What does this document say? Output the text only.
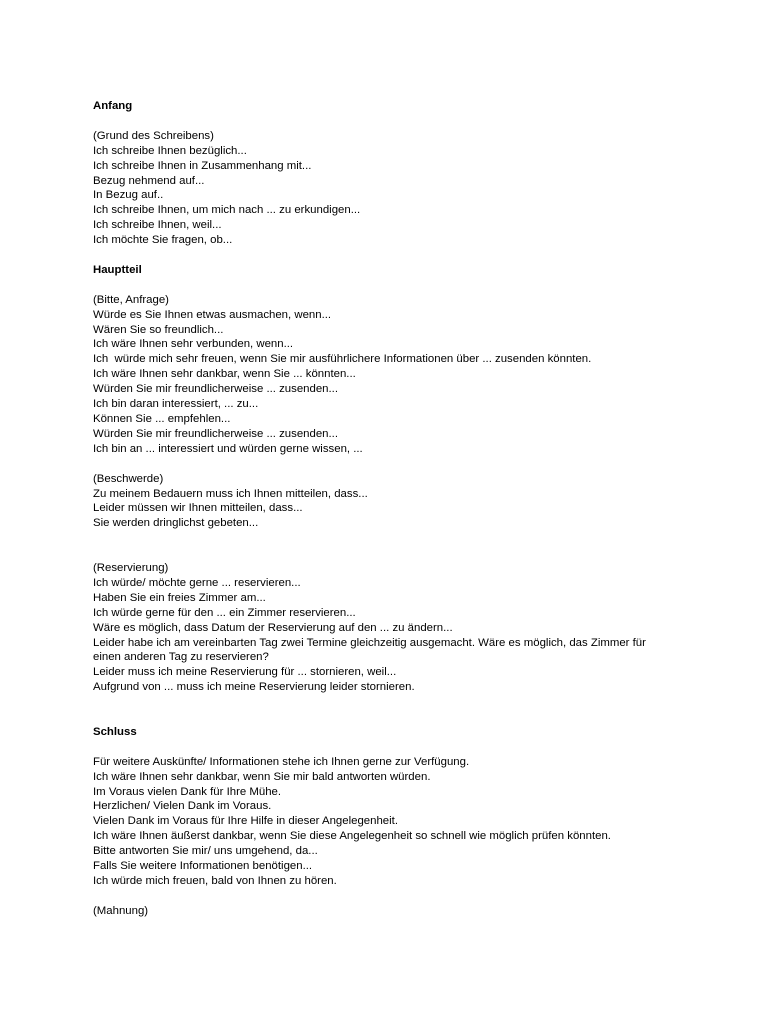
Anfang

(Grund des Schreibens)

Ich schreibe Ihnen bezüglich...

Ich schreibe Ihnen in Zusammenhang mit...

Bezug nehmend auf...

In Bezug auf..

Ich schreibe Ihnen, um mich nach ... zu erkundigen...

Ich schreibe Ihnen, weil...

Ich möchte Sie fragen, ob...

Hauptteil

(Bitte, Anfrage)

Würde es Sie Ihnen etwas ausmachen, wenn...

Wären Sie so freundlich...

Ich wäre Ihnen sehr verbunden, wenn...

Ich  würde mich sehr freuen, wenn Sie mir ausführlichere Informationen über ... zusenden könnten.

Ich wäre Ihnen sehr dankbar, wenn Sie ... könnten...

Würden Sie mir freundlicherweise ... zusenden...

Ich bin daran interessiert, ... zu...

Können Sie ... empfehlen...

Würden Sie mir freundlicherweise ... zusenden...

Ich bin an ... interessiert und würden gerne wissen, ...

(Beschwerde)

Zu meinem Bedauern muss ich Ihnen mitteilen, dass...

Leider müssen wir Ihnen mitteilen, dass...

Sie werden dringlichst gebeten...

(Reservierung)

Ich würde/ möchte gerne ... reservieren...

Haben Sie ein freies Zimmer am...

Ich würde gerne für den ... ein Zimmer reservieren...

Wäre es möglich, dass Datum der Reservierung auf den ... zu ändern...

Leider habe ich am vereinbarten Tag zwei Termine gleichzeitig ausgemacht. Wäre es möglich, das Zimmer für

einen anderen Tag zu reservieren?

Leider muss ich meine Reservierung für ... stornieren, weil...

Aufgrund von ... muss ich meine Reservierung leider stornieren.

Schluss

Für weitere Auskünfte/ Informationen stehe ich Ihnen gerne zur Verfügung.

Ich wäre Ihnen sehr dankbar, wenn Sie mir bald antworten würden.

Im Voraus vielen Dank für Ihre Mühe.

Herzlichen/ Vielen Dank im Voraus.

Vielen Dank im Voraus für Ihre Hilfe in dieser Angelegenheit.

Ich wäre Ihnen äußerst dankbar, wenn Sie diese Angelegenheit so schnell wie möglich prüfen könnten.

Bitte antworten Sie mir/ uns umgehend, da...

Falls Sie weitere Informationen benötigen...

Ich würde mich freuen, bald von Ihnen zu hören.

(Mahnung)
